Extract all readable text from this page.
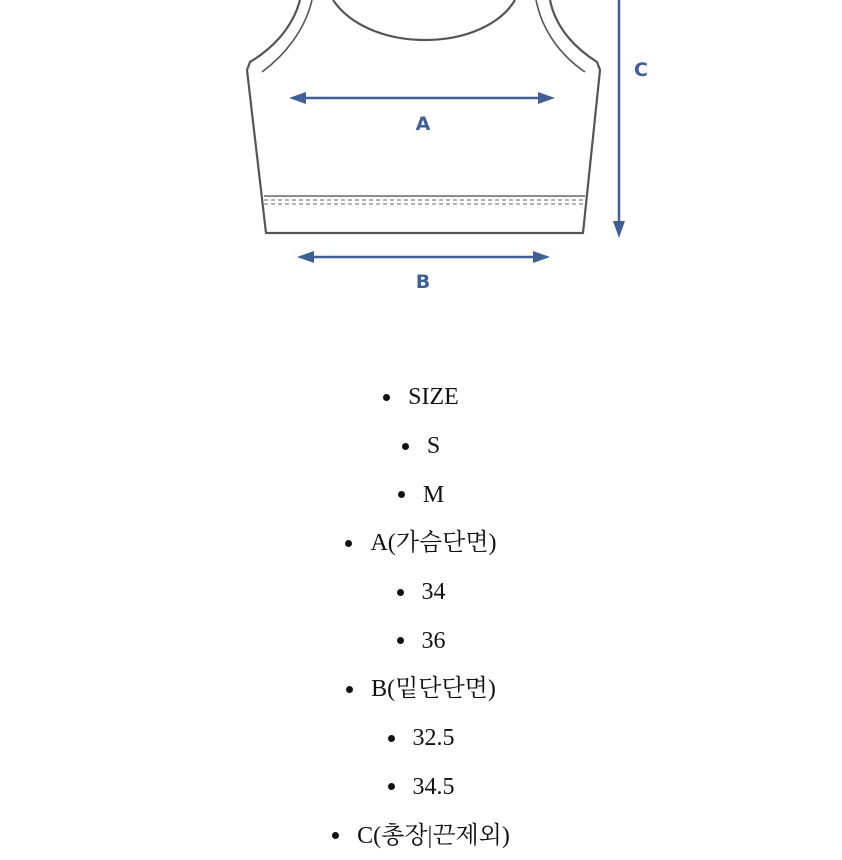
A
B
C
SIZE
S
M
A(가슴단면)
34
36
B(밑단단면)
32.5
34.5
C(총장|끈제외)
